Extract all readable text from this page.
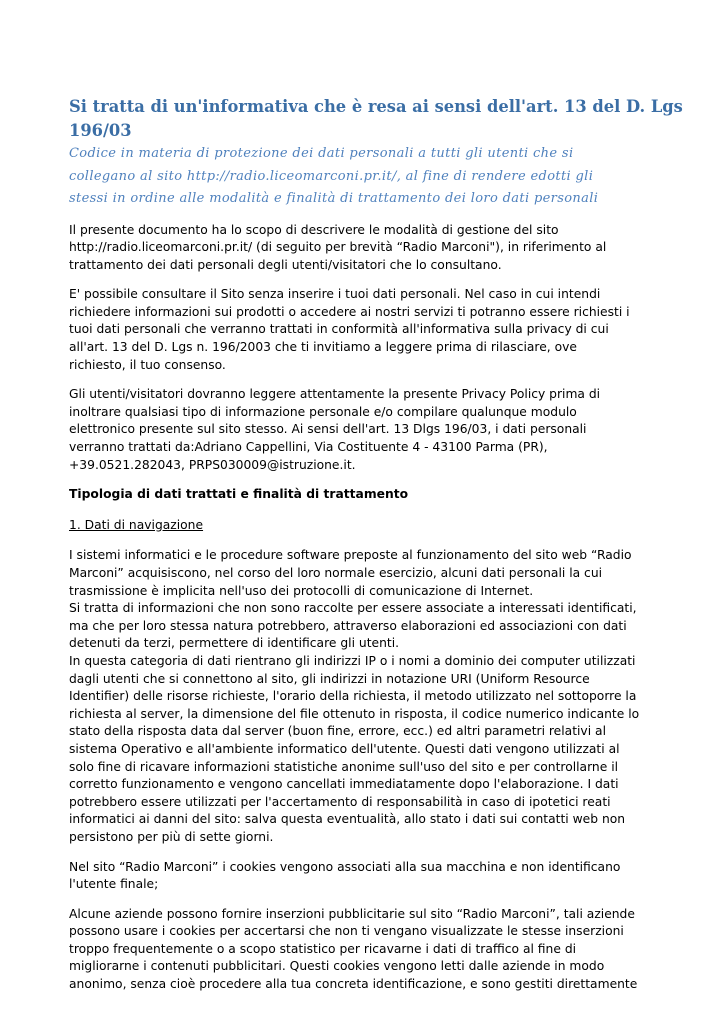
Si tratta di un'informativa che è resa ai sensi dell'art. 13 del D. Lgs
196/03
Codice in materia di protezione dei dati personali a tutti gli utenti che si
collegano al sito http://radio.liceomarconi.pr.it/, al fine di rendere edotti gli
stessi in ordine alle modalità e finalità di trattamento dei loro dati personali

Il presente documento ha lo scopo di descrivere le modalità di gestione del sito
http://radio.liceomarconi.pr.it/ (di seguito per brevità “Radio Marconi"), in riferimento al
trattamento dei dati personali degli utenti/visitatori che lo consultano.

E' possibile consultare il Sito senza inserire i tuoi dati personali. Nel caso in cui intendi
richiedere informazioni sui prodotti o accedere ai nostri servizi ti potranno essere richiesti i
tuoi dati personali che verranno trattati in conformità all'informativa sulla privacy di cui
all'art. 13 del D. Lgs n. 196/2003 che ti invitiamo a leggere prima di rilasciare, ove
richiesto, il tuo consenso.

Gli utenti/visitatori dovranno leggere attentamente la presente Privacy Policy prima di
inoltrare qualsiasi tipo di informazione personale e/o compilare qualunque modulo
elettronico presente sul sito stesso. Ai sensi dell'art. 13 Dlgs 196/03, i dati personali
verranno trattati da:Adriano Cappellini, Via Costituente 4 - 43100 Parma (PR),
+39.0521.282043, PRPS030009@istruzione.it.

Tipologia di dati trattati e finalità di trattamento
1. Dati di navigazione

I sistemi informatici e le procedure software preposte al funzionamento del sito web “Radio
Marconi” acquisiscono, nel corso del loro normale esercizio, alcuni dati personali la cui
trasmissione è implicita nell'uso dei protocolli di comunicazione di Internet.
Si tratta di informazioni che non sono raccolte per essere associate a interessati identificati,
ma che per loro stessa natura potrebbero, attraverso elaborazioni ed associazioni con dati
detenuti da terzi, permettere di identificare gli utenti.
In questa categoria di dati rientrano gli indirizzi IP o i nomi a dominio dei computer utilizzati
dagli utenti che si connettono al sito, gli indirizzi in notazione URI (Uniform Resource
Identifier) delle risorse richieste, l'orario della richiesta, il metodo utilizzato nel sottoporre la
richiesta al server, la dimensione del file ottenuto in risposta, il codice numerico indicante lo
stato della risposta data dal server (buon fine, errore, ecc.) ed altri parametri relativi al
sistema Operativo e all'ambiente informatico dell'utente. Questi dati vengono utilizzati al
solo fine di ricavare informazioni statistiche anonime sull'uso del sito e per controllarne il
corretto funzionamento e vengono cancellati immediatamente dopo l'elaborazione. I dati
potrebbero essere utilizzati per l'accertamento di responsabilità in caso di ipotetici reati
informatici ai danni del sito: salva questa eventualità, allo stato i dati sui contatti web non
persistono per più di sette giorni.

Nel sito “Radio Marconi” i cookies vengono associati alla sua macchina e non identificano
l'utente finale;

Alcune aziende possono fornire inserzioni pubblicitarie sul sito “Radio Marconi”, tali aziende
possono usare i cookies per accertarsi che non ti vengano visualizzate le stesse inserzioni
troppo frequentemente o a scopo statistico per ricavarne i dati di traffico al fine di
migliorarne i contenuti pubblicitari. Questi cookies vengono letti dalle aziende in modo
anonimo, senza cioè procedere alla tua concreta identificazione, e sono gestiti direttamente
